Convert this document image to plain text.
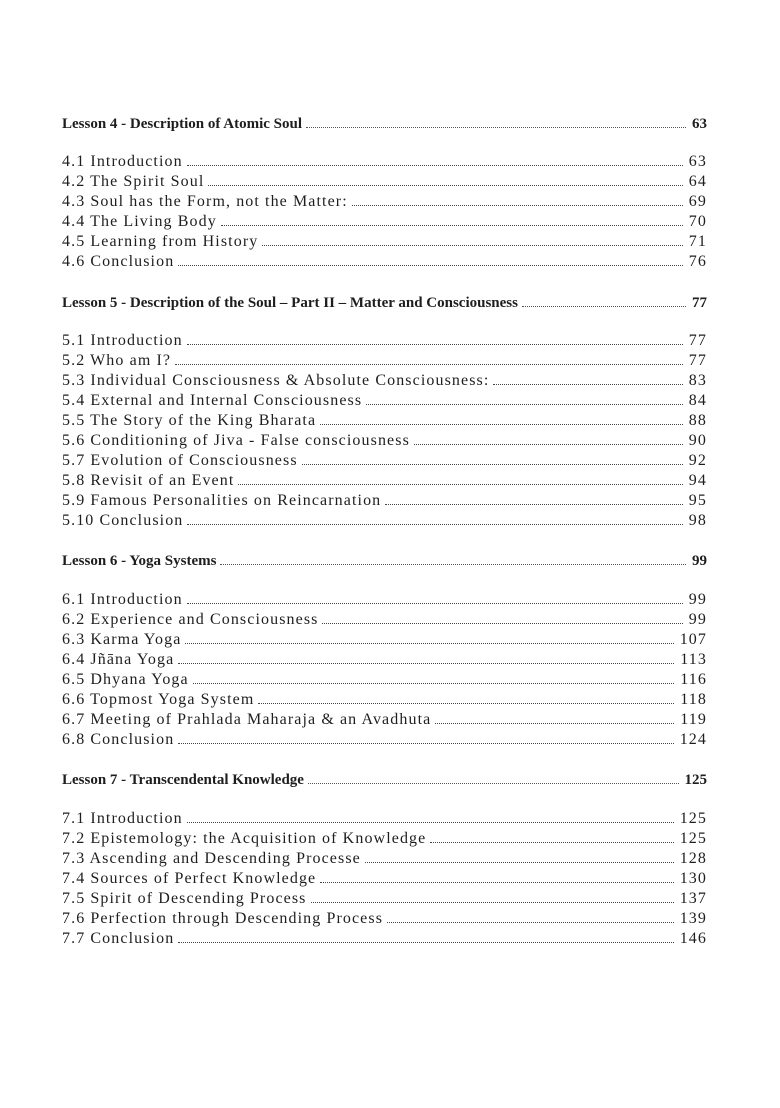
Lesson 4 - Description of Atomic Soul	63
4.1 Introduction	63
4.2 The Spirit Soul	64
4.3 Soul has the Form, not the Matter:	69
4.4 The Living Body	70
4.5 Learning from History	71
4.6 Conclusion	76
Lesson 5 - Description of the Soul – Part II – Matter and Consciousness	77
5.1 Introduction	77
5.2 Who am I?	77
5.3 Individual Consciousness & Absolute Consciousness:	83
5.4 External and Internal Consciousness	84
5.5 The Story of the King Bharata	88
5.6 Conditioning of Jiva - False consciousness	90
5.7 Evolution of Consciousness	92
5.8 Revisit of an Event	94
5.9 Famous Personalities on Reincarnation	95
5.10 Conclusion	98
Lesson 6 - Yoga Systems	99
6.1 Introduction	99
6.2 Experience and Consciousness	99
6.3 Karma Yoga	107
6.4 Jñāna Yoga	113
6.5 Dhyana Yoga	116
6.6 Topmost Yoga System	118
6.7 Meeting of Prahlada Maharaja & an Avadhuta	119
6.8 Conclusion	124
Lesson 7 - Transcendental Knowledge	125
7.1 Introduction	125
7.2 Epistemology: the Acquisition of Knowledge	125
7.3 Ascending and Descending Processe	128
7.4 Sources of Perfect Knowledge	130
7.5 Spirit of Descending Process	137
7.6 Perfection through Descending Process	139
7.7 Conclusion	146
